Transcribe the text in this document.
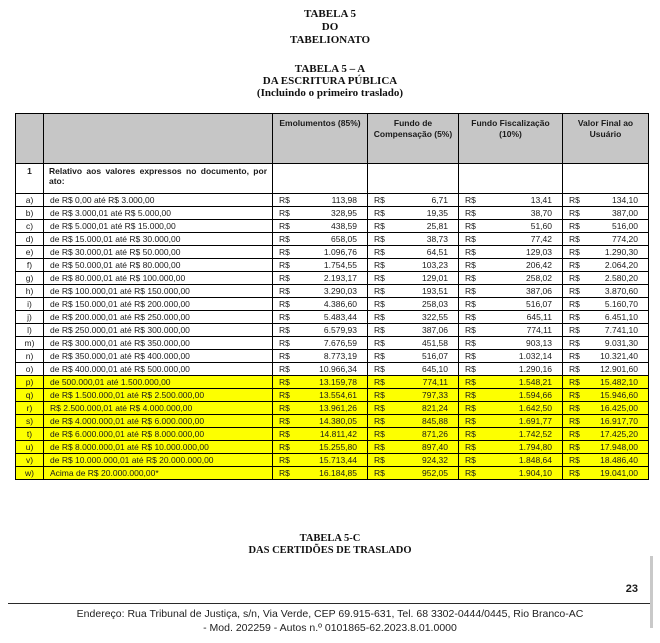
TABELA 5
DO
TABELIONATO
TABELA 5 – A
DA ESCRITURA PÚBLICA
(Incluindo o primeiro traslado)
		Emolumentos (85%)	Fundo de Compensação (5%)	Fundo Fiscalização (10%)	Valor Final ao Usuário
1	Relativo aos valores expressos no documento, por ato:				
a)	de R$ 0,00 até R$ 3.000,00	R$ 113,98	R$ 6,71	R$ 13,41	R$ 134,10

b)	de R$ 3.000,01 até R$ 5.000,00	R$ 328,95	R$ 19,35	R$ 38,70	R$ 387,00

c)	de R$ 5.000,01 até R$ 15.000,00	R$ 438,59	R$ 25,81	R$ 51,60	R$ 516,00

d)	de R$ 15.000,01 até R$ 30.000,00	R$ 658,05	R$ 38,73	R$ 77,42	R$ 774,20

e)	de R$ 30.000,01 até R$ 50.000,00	R$ 1.096,76	R$ 64,51	R$ 129,03	R$ 1.290,30

f)	de R$ 50.000,01 até R$ 80.000,00	R$ 1.754,55	R$ 103,23	R$ 206,42	R$ 2.064,20

g)	de R$ 80.000,01 até R$ 100.000,00	R$ 2.193,17	R$ 129,01	R$ 258,02	R$ 2.580,20

h)	de R$ 100.000,01 até R$ 150.000,00	R$ 3.290,03	R$ 193,51	R$ 387,06	R$ 3.870,60

i)	de R$ 150.000,01 até R$ 200.000,00	R$ 4.386,60	R$ 258,03	R$ 516,07	R$ 5.160,70

j)	de R$ 200.000,01 até R$ 250.000,00	R$ 5.483,44	R$ 322,55	R$ 645,11	R$ 6.451,10

l)	de R$ 250.000,01 até R$ 300.000,00	R$ 6.579,93	R$ 387,06	R$ 774,11	R$ 7.741,10

m)	de R$ 300.000,01 até R$ 350.000,00	R$ 7.676,59	R$ 451,58	R$ 903,13	R$ 9.031,30

n)	de R$ 350.000,01 até R$ 400.000,00	R$ 8.773,19	R$ 516,07	R$ 1.032,14	R$ 10.321,40

o)	de R$ 400.000,01 até R$ 500.000,00	R$ 10.966,34	R$ 645,10	R$ 1.290,16	R$ 12.901,60

p)	de 500.000,01 até 1.500.000,00	R$ 13.159,78	R$ 774,11	R$ 1.548,21	R$ 15.482,10

q)	de R$ 1.500.000,01 até R$ 2.500.000,00	R$ 13.554,61	R$ 797,33	R$ 1.594,66	R$ 15.946,60

r)	R$ 2.500.000,01 até R$ 4.000.000,00	R$ 13.961,26	R$ 821,24	R$ 1.642,50	R$ 16.425,00

s)	de R$ 4.000.000,01 até R$ 6.000.000,00	R$ 14.380,05	R$ 845,88	R$ 1.691,77	R$ 16.917,70

t)	de R$ 6.000.000,01 até R$ 8.000.000,00	R$ 14.811,42	R$ 871,26	R$ 1.742,52	R$ 17.425,20

u)	de R$ 8.000.000,01 até R$ 10.000.000,00	R$ 15.255,80	R$ 897,40	R$ 1.794,80	R$ 17.948,00

v)	de R$ 10.000.000,01 até R$ 20.000.000,00	R$ 15.713,44	R$ 924,32	R$ 1.848,64	R$ 18.486,40

w)	Acima de R$ 20.000.000,00*	R$ 16.184,85	R$ 952,05	R$ 1.904,10	R$ 19.041,00
TABELA 5-C
DAS CERTIDÕES DE TRASLADO
23
Endereço: Rua Tribunal de Justiça, s/n, Via Verde, CEP 69.915-631, Tel. 68 3302-0444/0445, Rio Branco-AC
- Mod. 202259 - Autos n.º 0101865-62.2023.8.01.0000
